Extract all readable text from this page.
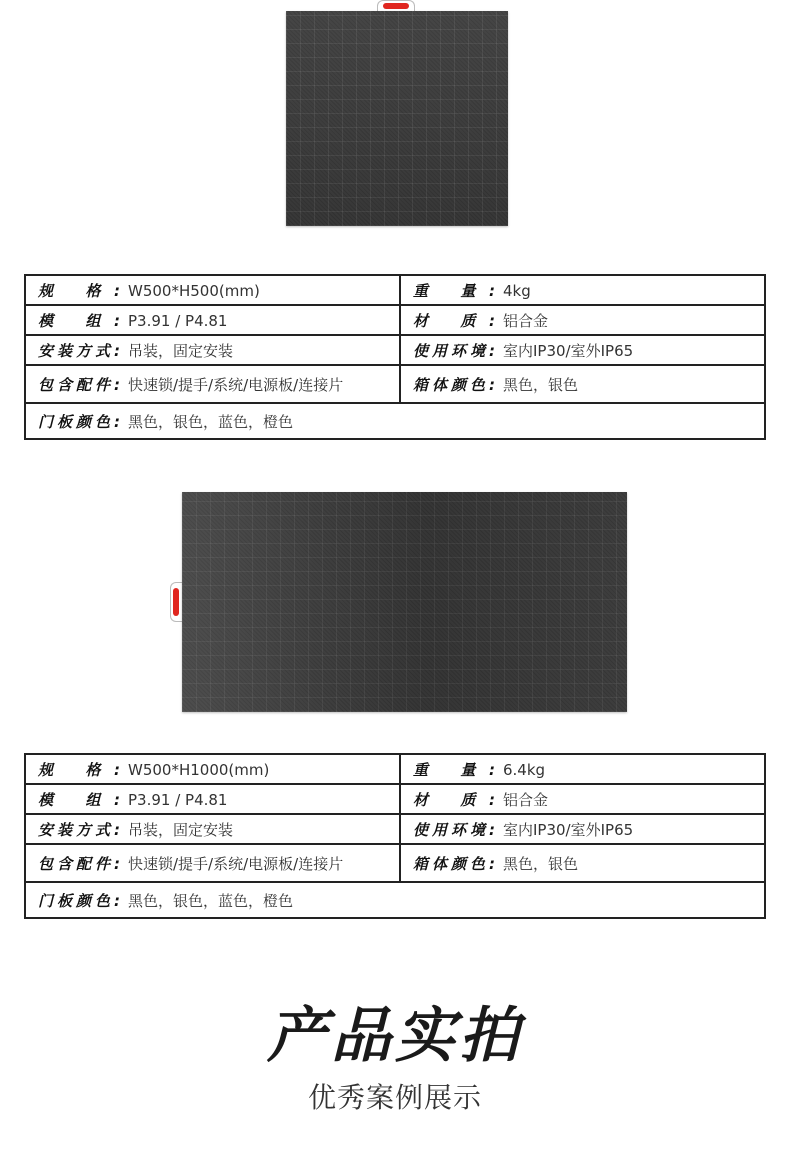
规 格: W500*H500(mm)	重 量: 4kg
模 组: P3.91 / P4.81	材 质: 铝合金
安装方式: 吊装，固定安装	使用环境: 室内IP30/室外IP65
包含配件: 快速锁/提手/系统/电源板/连接片	箱体颜色: 黑色，银色
门板颜色: 黑色，银色，蓝色，橙色	
规 格: W500*H1000(mm)	重 量: 6.4kg
模 组: P3.91 / P4.81	材 质: 铝合金
安装方式: 吊装，固定安装	使用环境: 室内IP30/室外IP65
包含配件: 快速锁/提手/系统/电源板/连接片	箱体颜色: 黑色，银色
门板颜色: 黑色，银色，蓝色，橙色	
产品实拍
优秀案例展示
